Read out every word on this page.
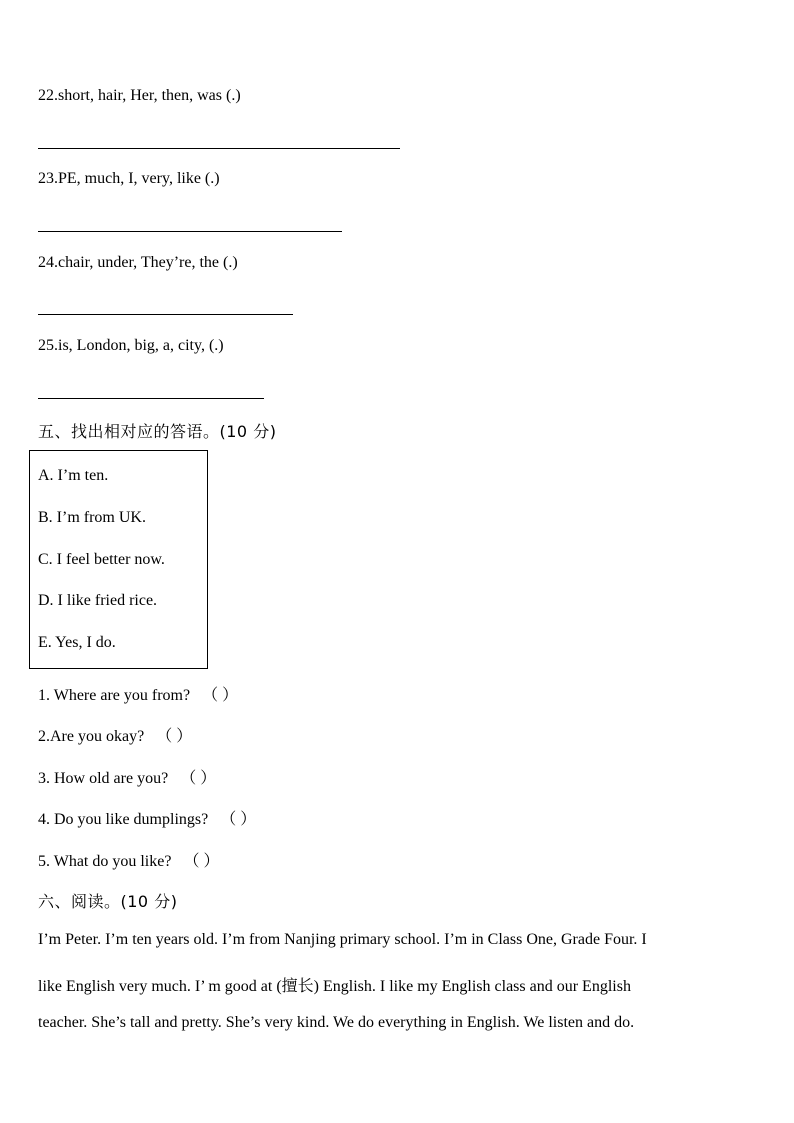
22.short, hair, Her, then, was (.)
23.PE, much, I, very, like (.)
24.chair, under, They’re, the (.)
25.is, London, big, a, city, (.)
五、找出相对应的答语。(10 分)
A. I’m ten.
B. I’m from UK.
C. I feel better now.
D. I like fried rice.
E. Yes, I do.
1. Where are you from? （ ）
2.Are you okay? （ ）
3. How old are you? （ ）
4. Do you like dumplings? （ ）
5. What do you like? （ ）
六、阅读。(10 分)
I’m Peter. I’m ten years old. I’m from Nanjing primary school. I’m in Class One, Grade Four. I
like English very much. I’ m good at (擅长) English. I like my English class and our English
teacher. She’s tall and pretty. She’s very kind. We do everything in English. We listen and do.
